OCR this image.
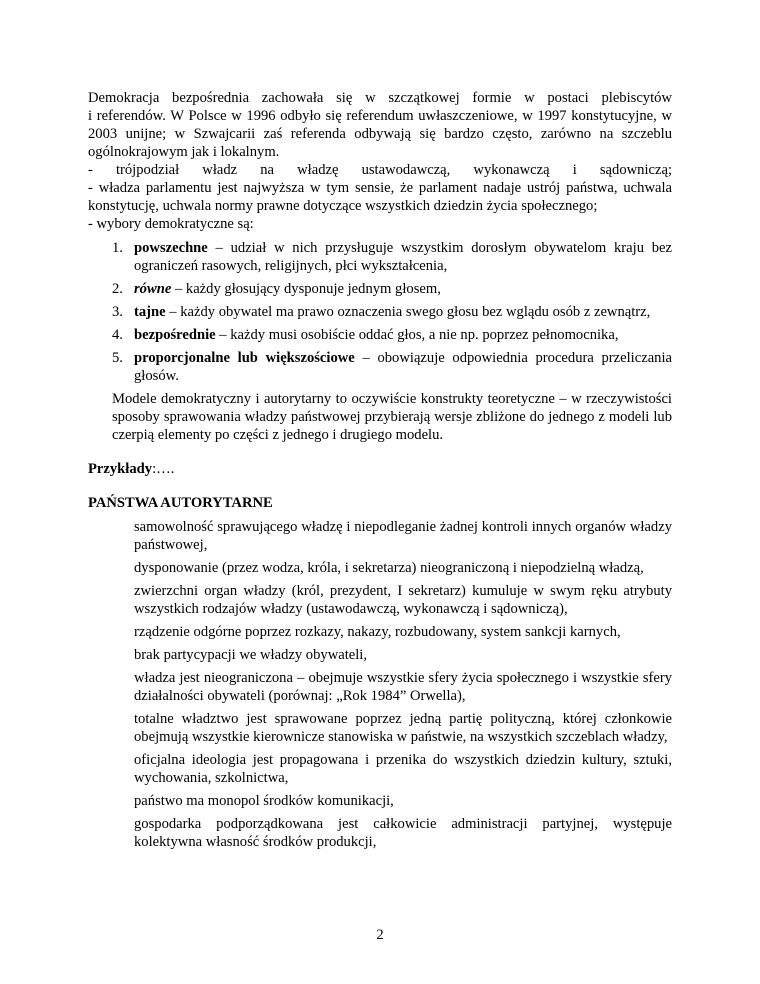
Demokracja bezpośrednia zachowała się w szczątkowej formie w postaci plebiscytów

i referendów. W Polsce w 1996 odbyło się referendum uwłaszczeniowe, w 1997 konstytucyjne, w 2003 unijne; w Szwajcarii zaś referenda odbywają się bardzo często, zarówno na szczeblu ogólnokrajowym jak i lokalnym.

- trójpodział władz na władzę ustawodawczą, wykonawczą i sądowniczą;

- władza parlamentu jest najwyższa w tym sensie, że parlament nadaje ustrój państwa, uchwala konstytucję, uchwala normy prawne dotyczące wszystkich dziedzin życia społecznego;

- wybory demokratyczne są:

1. powszechne – udział w nich przysługuje wszystkim dorosłym obywatelom kraju bez ograniczeń rasowych, religijnych, płci wykształcenia,
2. równe – każdy głosujący dysponuje jednym głosem,
3. tajne – każdy obywatel ma prawo oznaczenia swego głosu bez wglądu osób z zewnątrz,
4. bezpośrednie – każdy musi osobiście oddać głos, a nie np. poprzez pełnomocnika,
5. proporcjonalne lub większościowe – obowiązuje odpowiednia procedura przeliczania głosów.

Modele demokratyczny i autorytarny to oczywiście konstrukty teoretyczne – w rzeczywistości sposoby sprawowania władzy państwowej przybierają wersje zbliżone do jednego z modeli lub czerpią elementy po części z jednego i drugiego modelu.

Przykłady:….

PAŃSTWA AUTORYTARNE

samowolność sprawującego władzę i niepodleganie żadnej kontroli innych organów władzy państwowej,
dysponowanie (przez wodza, króla, i sekretarza) nieograniczoną i niepodzielną władzą,
zwierzchni organ władzy (król, prezydent, I sekretarz) kumuluje w swym ręku atrybuty wszystkich rodzajów władzy (ustawodawczą, wykonawczą i sądowniczą),
rządzenie odgórne poprzez rozkazy, nakazy, rozbudowany, system sankcji karnych,
brak partycypacji we władzy obywateli,
władza jest nieograniczona – obejmuje wszystkie sfery życia społecznego i wszystkie sfery działalności obywateli (porównaj: „Rok 1984” Orwella),
totalne władztwo jest sprawowane poprzez jedną partię polityczną, której członkowie obejmują wszystkie kierownicze stanowiska w państwie, na wszystkich szczeblach władzy,
oficjalna ideologia jest propagowana i przenika do wszystkich dziedzin kultury, sztuki, wychowania, szkolnictwa,
państwo ma monopol środków komunikacji,
gospodarka podporządkowana jest całkowicie administracji partyjnej, występuje kolektywna własność środków produkcji,
2
